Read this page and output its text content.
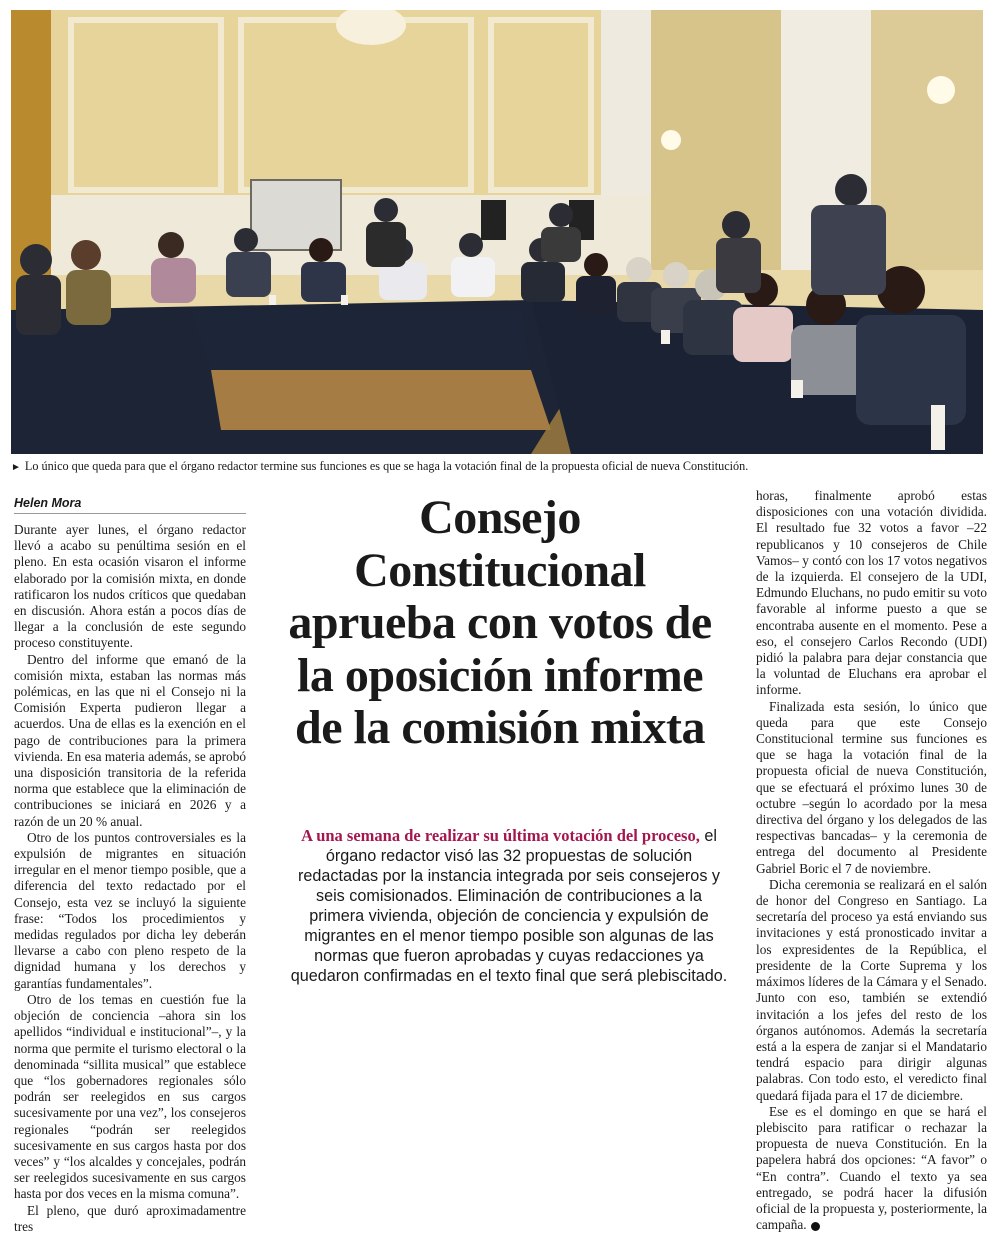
► Lo único que queda para que el órgano redactor termine sus funciones es que se haga la votación final de la propuesta oficial de nueva Constitución.
Helen Mora

Durante ayer lunes, el órgano redactor llevó a acabo su penúltima sesión en el pleno. En esta ocasión visaron el informe elaborado por la comisión mixta, en donde ratificaron los nudos críticos que quedaban en discusión. Ahora están a pocos días de llegar a la conclusión de este segundo proceso constituyente.

Dentro del informe que emanó de la comisión mixta, estaban las normas más polémicas, en las que ni el Consejo ni la Comisión Experta pudieron llegar a acuerdos. Una de ellas es la exención en el pago de contribuciones para la primera vivienda. En esa materia además, se aprobó una disposición transitoria de la referida norma que establece que la eliminación de contribuciones se iniciará en 2026 y a razón de un 20 % anual.

Otro de los puntos controversiales es la expulsión de migrantes en situación irregular en el menor tiempo posible, que a diferencia del texto redactado por el Consejo, esta vez se incluyó la siguiente frase: “Todos los procedimientos y medidas regulados por dicha ley deberán llevarse a cabo con pleno respeto de la dignidad humana y los derechos y garantías fundamentales”.

Otro de los temas en cuestión fue la objeción de conciencia –ahora sin los apellidos “individual e institucional”–, y la norma que permite el turismo electoral o la denominada “sillita musical” que establece que “los gobernadores regionales sólo podrán ser reelegidos en sus cargos sucesivamente por una vez”, los consejeros regionales “podrán ser reelegidos sucesivamente en sus cargos hasta por dos veces” y “los alcaldes y concejales, podrán ser reelegidos sucesivamente en sus cargos hasta por dos veces en la misma comuna”.

El pleno, que duró aproximadamentre tres

Consejo Constitucional aprueba con votos de la oposición informe de la comisión mixta

A una semana de realizar su última votación del proceso, el órgano redactor visó las 32 propuestas de solución redactadas por la instancia integrada por seis consejeros y seis comisionados. Eliminación de contribuciones a la primera vivienda, objeción de conciencia y expulsión de migrantes en el menor tiempo posible son algunas de las normas que fueron aprobadas y cuyas redacciones ya quedaron confirmadas en el texto final que será plebiscitado.

horas, finalmente aprobó estas disposiciones con una votación dividida. El resultado fue 32 votos a favor –22 republicanos y 10 consejeros de Chile Vamos– y contó con los 17 votos negativos de la izquierda. El consejero de la UDI, Edmundo Eluchans, no pudo emitir su voto favorable al informe puesto a que se encontraba ausente en el momento. Pese a eso, el consejero Carlos Recondo (UDI) pidió la palabra para dejar constancia que la voluntad de Eluchans era aprobar el informe.

Finalizada esta sesión, lo único que queda para que este Consejo Constitucional termine sus funciones es que se haga la votación final de la propuesta oficial de nueva Constitución, que se efectuará el próximo lunes 30 de octubre –según lo acordado por la mesa directiva del órgano y los delegados de las respectivas bancadas– y la ceremonia de entrega del documento al Presidente Gabriel Boric el 7 de noviembre.

Dicha ceremonia se realizará en el salón de honor del Congreso en Santiago. La secretaría del proceso ya está enviando sus invitaciones y está pronosticado invitar a los expresidentes de la República, el presidente de la Corte Suprema y los máximos líderes de la Cámara y el Senado. Junto con eso, también se extendió invitación a los jefes del resto de los órganos autónomos. Además la secretaría está a la espera de zanjar si el Mandatario tendrá espacio para dirigir algunas palabras. Con todo esto, el veredicto final quedará fijada para el 17 de diciembre.

Ese es el domingo en que se hará el plebiscito para ratificar o rechazar la propuesta de nueva Constitución. En la papelera habrá dos opciones: “A favor” o “En contra”. Cuando el texto ya sea entregado, se podrá hacer la difusión oficial de la propuesta y, posteriormente, la campaña.
